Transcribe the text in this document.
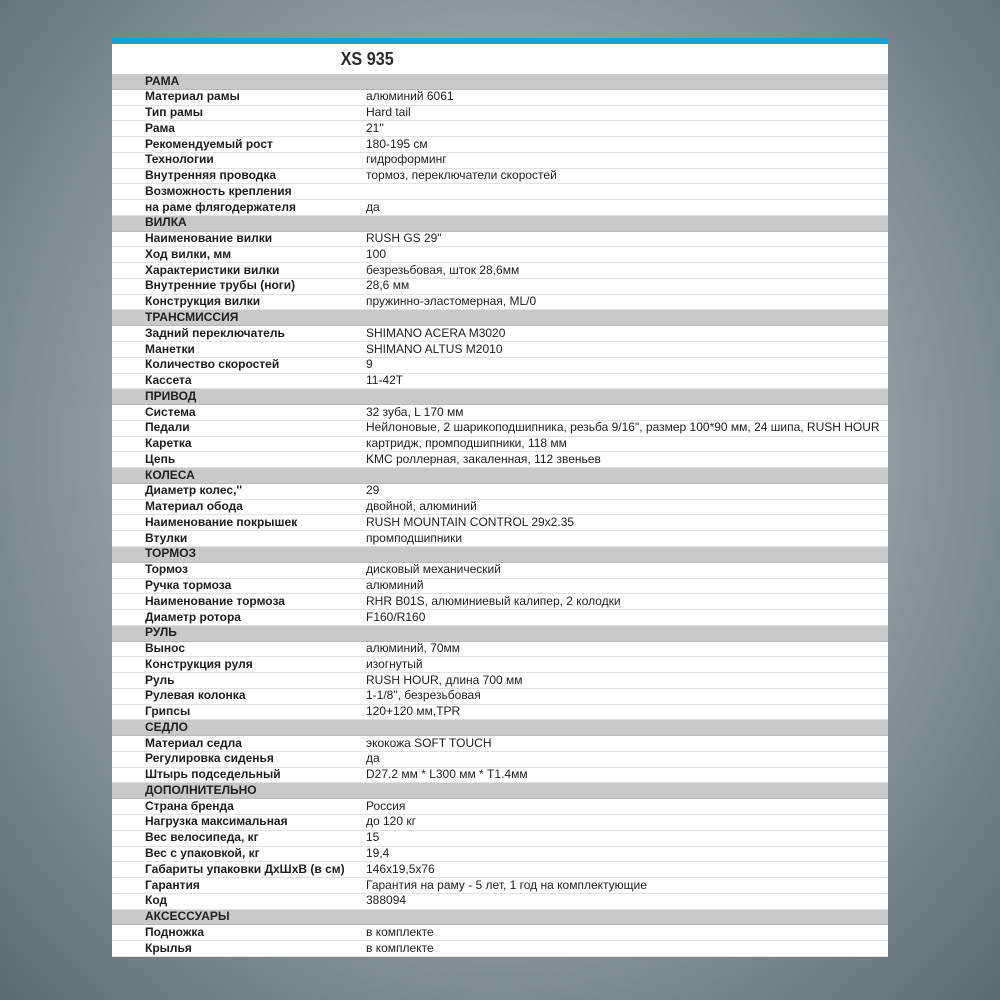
XS 935
РАМА
Материал рамы	алюминий 6061
Тип рамы	Hard tail
Рама	21''
Рекомендуемый рост	180-195 см
Технологии	гидроформинг
Внутренняя проводка	тормоз, переключатели скоростей
Возможность крепления
на раме флягодержателя	да
ВИЛКА
Наименование вилки	RUSH GS 29"
Ход вилки, мм	100
Характеристики вилки	безрезьбовая, шток 28,6мм
Внутренние трубы (ноги)	28,6 мм
Конструкция вилки	пружинно-эластомерная, ML/0
ТРАНСМИССИЯ
Задний переключатель	SHIMANO ACERA M3020
Манетки	SHIMANO ALTUS M2010
Количество скоростей	9
Кассета	11-42T
ПРИВОД
Система	32 зуба, L 170 мм
Педали	Нейлоновые, 2 шарикоподшипника, резьба 9/16", размер 100*90 мм, 24 шипа, RUSH HOUR
Каретка	картридж, промподшипники, 118 мм
Цепь	KMC роллерная, закаленная, 112 звеньев
КОЛЕСА
Диаметр колес,''	29
Материал обода	двойной, алюминий
Наименование покрышек	RUSH MOUNTAIN CONTROL 29x2.35
Втулки	промподшипники
ТОРМОЗ
Тормоз	дисковый механический
Ручка тормоза	алюминий
Наименование тормоза	RHR B01S, алюминиевый калипер, 2 колодки
Диаметр ротора	F160/R160
РУЛЬ
Вынос	алюминий, 70мм
Конструкция руля	изогнутый
Руль	RUSH HOUR, длина 700 мм
Рулевая колонка	1-1/8", безрезьбовая
Грипсы	120+120 мм,TPR
СЕДЛО
Материал седла	экокожа SOFT TOUCH
Регулировка сиденья	да
Штырь подседельный	D27.2 мм * L300 мм * T1.4мм
ДОПОЛНИТЕЛЬНО
Страна бренда	Россия
Нагрузка максимальная	до 120 кг
Вес велосипеда, кг	15
Вес с упаковкой, кг	19,4
Габариты упаковки ДхШхВ (в см)	146х19,5х76
Гарантия	Гарантия на раму - 5 лет, 1 год на комплектующие
Код	388094
АКСЕССУАРЫ
Подножка	в комплекте
Крылья	в комплекте
